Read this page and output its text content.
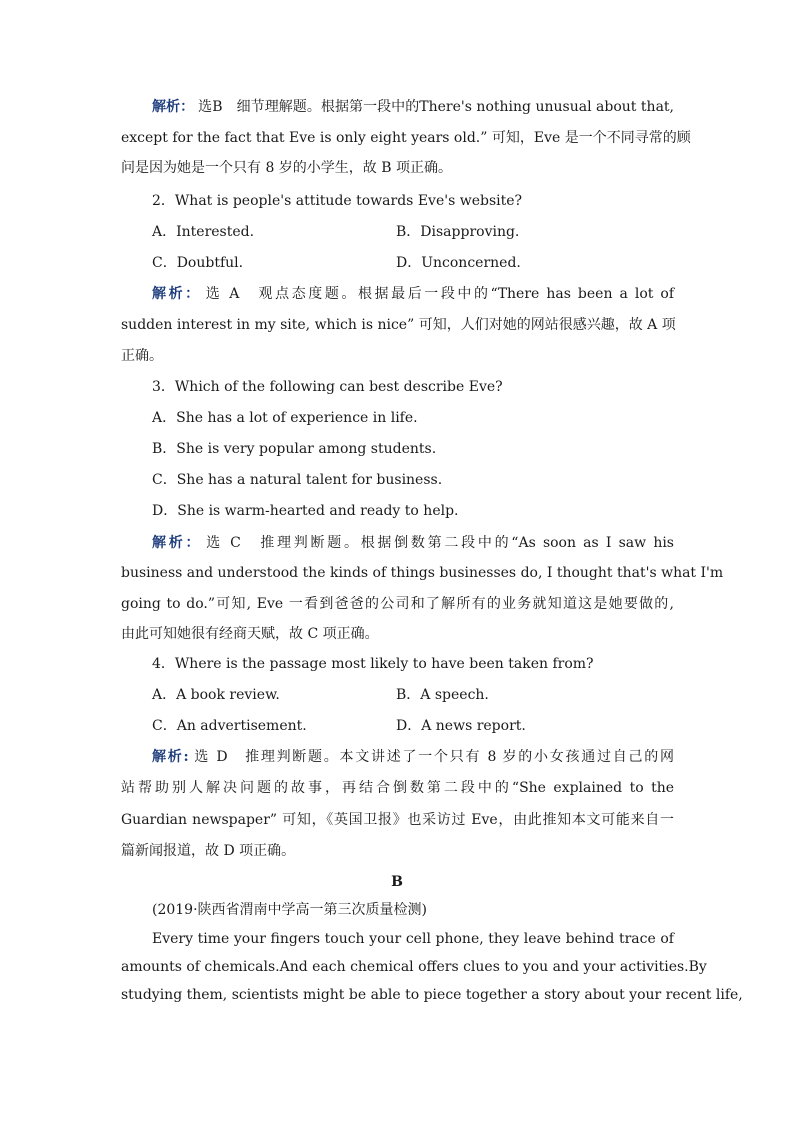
解析： 选B　细节理解题。根据第一段中的There's nothing unusual about that,
except for the fact that Eve is only eight years old.” 可知，Eve 是一个不同寻常的顾
问是因为她是一个只有 8 岁的小学生，故 B 项正确。
2．What is people's attitude towards Eve's website?
A．Interested.	B．Disapproving.
C．Doubtful.	D．Unconcerned.
解析： 选 A　观点态度题。根据最后一段中的“There has been a lot of
sudden interest in my site, which is nice” 可知，人们对她的网站很感兴趣，故 A 项
正确。
3．Which of the following can best describe Eve?
A．She has a lot of experience in life.
B．She is very popular among students.
C．She has a natural talent for business.
D．She is warm-hearted and ready to help.
解析： 选 C　推理判断题。根据倒数第二段中的“As soon as I saw his
business and understood the kinds of things businesses do, I thought that's what I'm
going to do.”可知, Eve 一看到爸爸的公司和了解所有的业务就知道这是她要做的,
由此可知她很有经商天赋，故 C 项正确。
4．Where is the passage most likely to have been taken from?
A．A book review.	B．A speech.
C．An advertisement.	D．A news report.
解析: 选 D　推理判断题。本文讲述了一个只有 8 岁的小女孩通过自己的网
站帮助别人解决问题的故事，再结合倒数第二段中的“She explained to the
Guardian newspaper” 可知，《英国卫报》也采访过 Eve，由此推知本文可能来自一
篇新闻报道，故 D 项正确。
B
(2019·陕西省渭南中学高一第三次质量检测)
Every time your fingers touch your cell phone, they leave behind trace of
amounts of chemicals.And each chemical offers clues to you and your activities.By
studying them, scientists might be able to piece together a story about your recent life,
